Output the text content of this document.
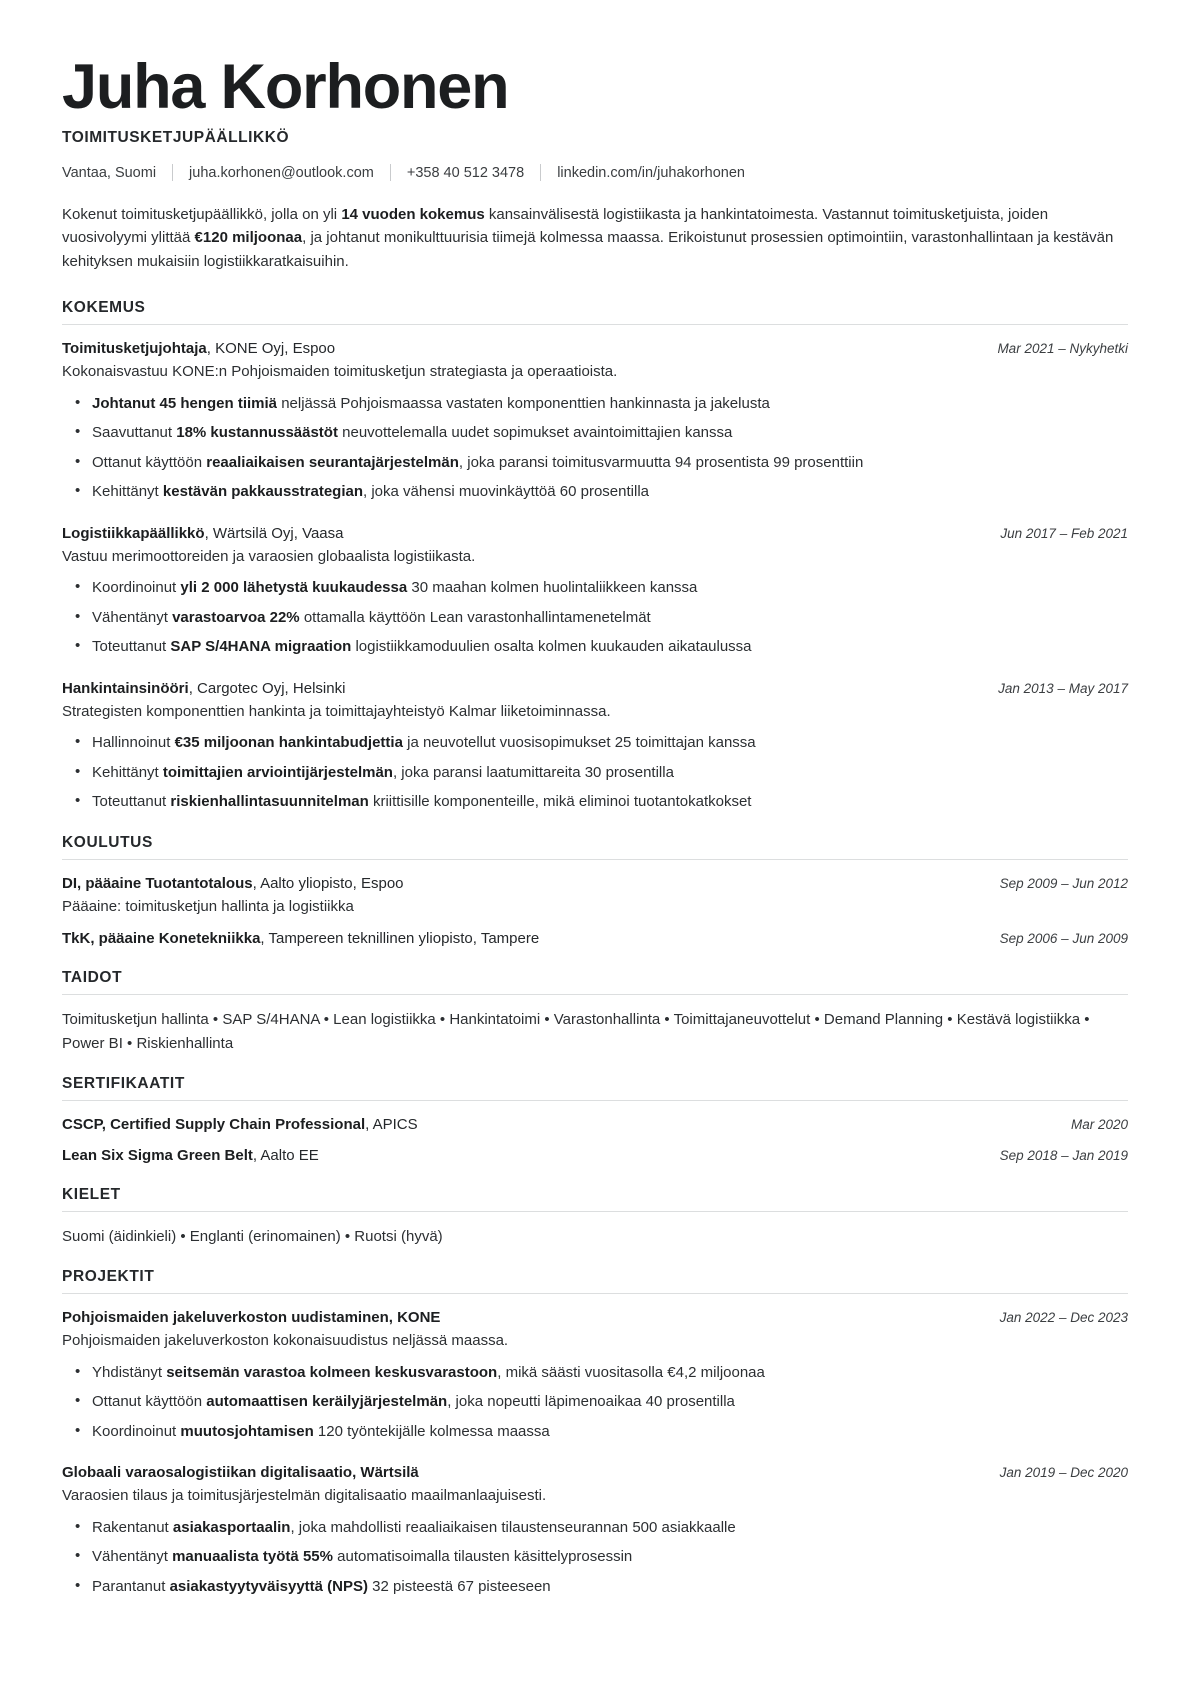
Juha Korhonen
TOIMITUSKETJUPÄÄLLIKKÖ
Vantaa, Suomi juha.korhonen@outlook.com +358 40 512 3478 linkedin.com/in/juhakorhonen
Kokenut toimitusketjupäällikkö, jolla on yli 14 vuoden kokemus kansainvälisestä logistiikasta ja hankintatoimesta. Vastannut toimitusketjuista, joiden vuosivolyymi ylittää €120 miljoonaa, ja johtanut monikulttuurisia tiimejä kolmessa maassa. Erikoistunut prosessien optimointiin, varastonhallintaan ja kestävän kehityksen mukaisiin logistiikkaratkaisuihin.
KOKEMUS
Toimitusketjujohtaja, KONE Oyj, Espoo	Mar 2021 – Nykyhetki
Kokonaisvastuu KONE:n Pohjoismaiden toimitusketjun strategiasta ja operaatioista.
• Johtanut 45 hengen tiimiä neljässä Pohjoismaassa vastaten komponenttien hankinnasta ja jakelusta
• Saavuttanut 18% kustannussäästöt neuvottelemalla uudet sopimukset avaintoimittajien kanssa
• Ottanut käyttöön reaaliaikaisen seurantajärjestelmän, joka paransi toimitusvarmuutta 94 prosentista 99 prosenttiin
• Kehittänyt kestävän pakkausstrategian, joka vähensi muovinkäyttöä 60 prosentilla
Logistiikkapäällikkö, Wärtsilä Oyj, Vaasa	Jun 2017 – Feb 2021
Vastuu merimoottoreiden ja varaosien globaalista logistiikasta.
• Koordinoinut yli 2 000 lähetystä kuukaudessa 30 maahan kolmen huolintaliikkeen kanssa
• Vähentänyt varastoarvoa 22% ottamalla käyttöön Lean varastonhallintamenetelmät
• Toteuttanut SAP S/4HANA migraation logistiikkamoduulien osalta kolmen kuukauden aikataulussa
Hankintainsinööri, Cargotec Oyj, Helsinki	Jan 2013 – May 2017
Strategisten komponenttien hankinta ja toimittajayhteistyö Kalmar liiketoiminnassa.
• Hallinnoinut €35 miljoonan hankintabudjettia ja neuvotellut vuosisopimukset 25 toimittajan kanssa
• Kehittänyt toimittajien arviointijärjestelmän, joka paransi laatumittareita 30 prosentilla
• Toteuttanut riskienhallintasuunnitelman kriittisille komponenteille, mikä eliminoi tuotantokatkokset
KOULUTUS
DI, pääaine Tuotantotalous, Aalto yliopisto, Espoo	Sep 2009 – Jun 2012
Pääaine: toimitusketjun hallinta ja logistiikka
TkK, pääaine Konetekniikka, Tampereen teknillinen yliopisto, Tampere	Sep 2006 – Jun 2009
TAIDOT
Toimitusketjun hallinta • SAP S/4HANA • Lean logistiikka • Hankintatoimi • Varastonhallinta • Toimittajaneuvottelut • Demand Planning • Kestävä logistiikka • Power BI • Riskienhallinta
SERTIFIKAATIT
CSCP, Certified Supply Chain Professional, APICS	Mar 2020
Lean Six Sigma Green Belt, Aalto EE	Sep 2018 – Jan 2019
KIELET
Suomi (äidinkieli) • Englanti (erinomainen) • Ruotsi (hyvä)
PROJEKTIT
Pohjoismaiden jakeluverkoston uudistaminen, KONE	Jan 2022 – Dec 2023
Pohjoismaiden jakeluverkoston kokonaisuudistus neljässä maassa.
• Yhdistänyt seitsemän varastoa kolmeen keskusvarastoon, mikä säästi vuositasolla €4,2 miljoonaa
• Ottanut käyttöön automaattisen keräilyjärjestelmän, joka nopeutti läpimenoaikaa 40 prosentilla
• Koordinoinut muutosjohtamisen 120 työntekijälle kolmessa maassa
Globaali varaosalogistiikan digitalisaatio, Wärtsilä	Jan 2019 – Dec 2020
Varaosien tilaus ja toimitusjärjestelmän digitalisaatio maailmanlaajuisesti.
• Rakentanut asiakasportaalin, joka mahdollisti reaaliaikaisen tilaustenseurannan 500 asiakkaalle
• Vähentänyt manuaalista työtä 55% automatisoimalla tilausten käsittelyprosessin
• Parantanut asiakastyytyväisyyttä (NPS) 32 pisteestä 67 pisteeseen
